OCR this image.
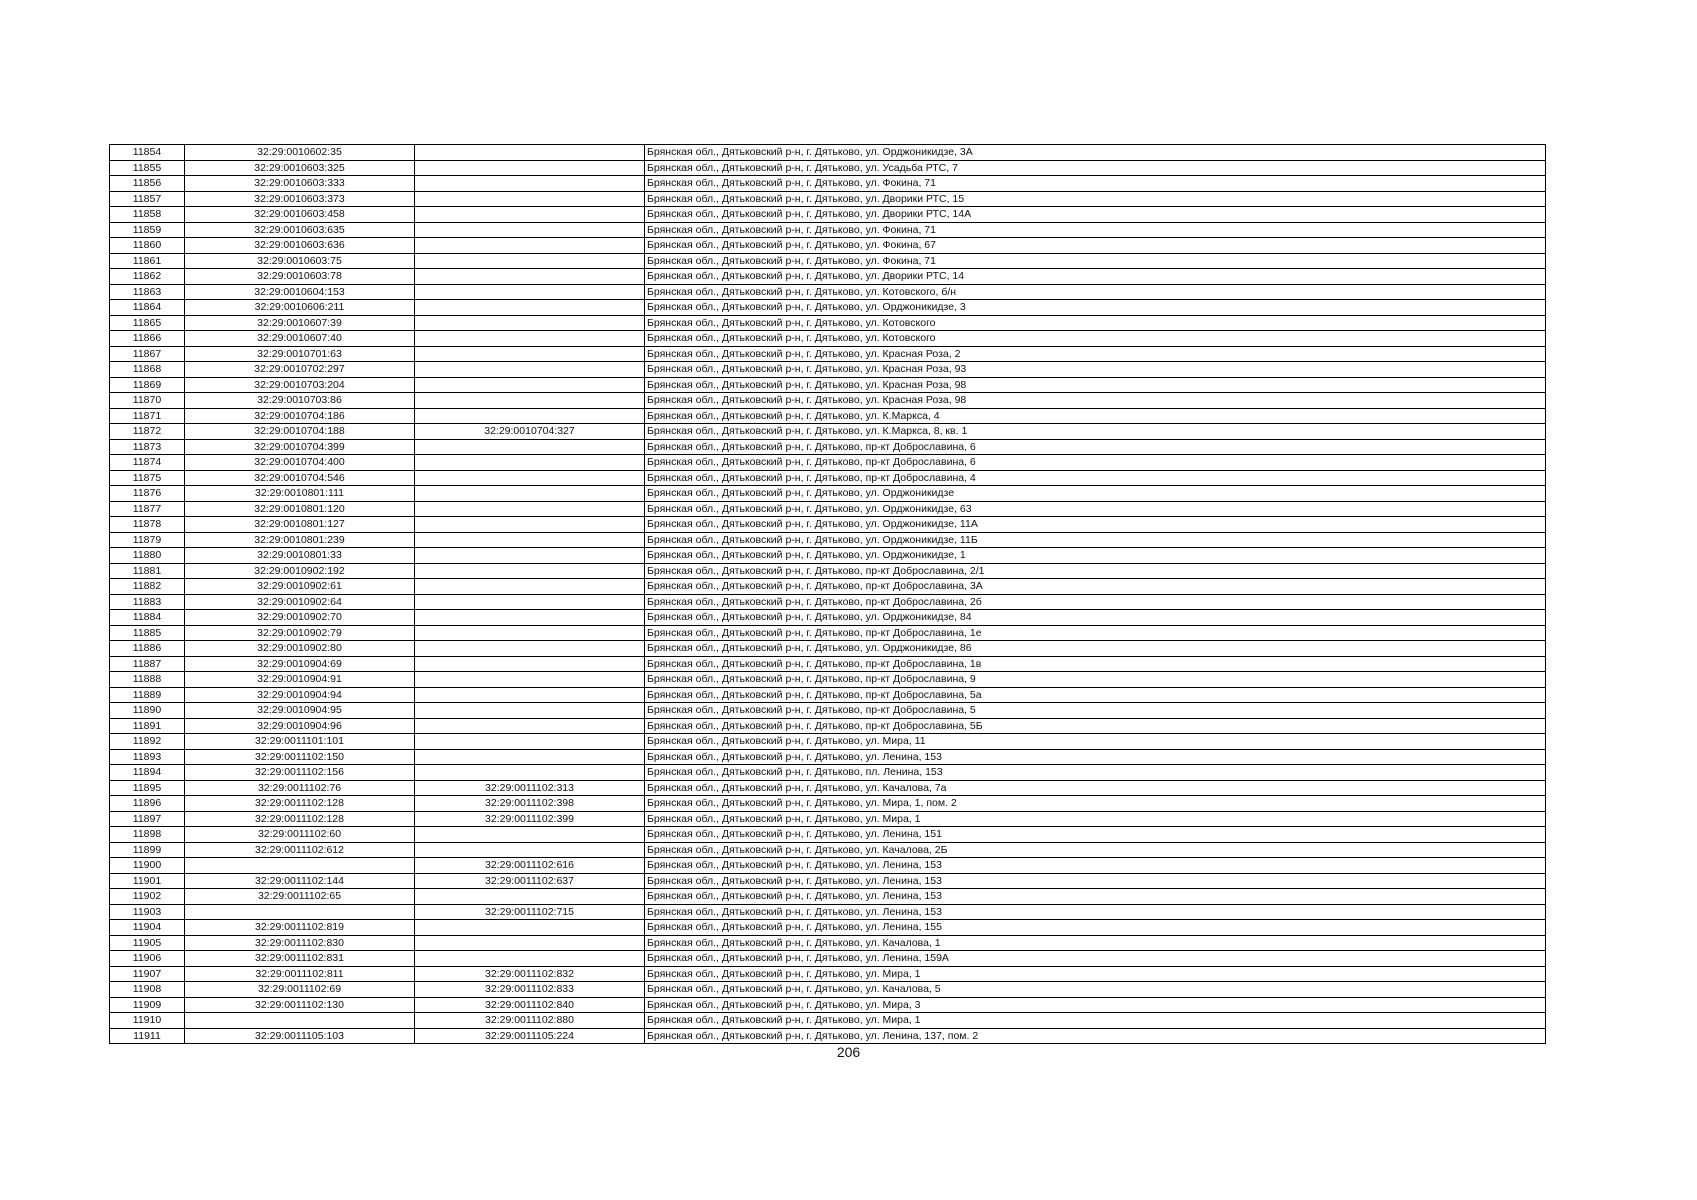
11854	32:29:0010602:35		Брянская обл., Дятьковский р-н, г. Дятьково, ул. Орджоникидзе, 3А
11855	32:29:0010603:325		Брянская обл., Дятьковский р-н, г. Дятьково, ул. Усадьба РТС, 7
11856	32:29:0010603:333		Брянская обл., Дятьковский р-н, г. Дятьково, ул. Фокина, 71
11857	32:29:0010603:373		Брянская обл., Дятьковский р-н, г. Дятьково, ул. Дворики РТС, 15
11858	32:29:0010603:458		Брянская обл., Дятьковский р-н, г. Дятьково, ул. Дворики РТС, 14А
11859	32:29:0010603:635		Брянская обл., Дятьковский р-н, г. Дятьково, ул. Фокина, 71
11860	32:29:0010603:636		Брянская обл., Дятьковский р-н, г. Дятьково, ул. Фокина, 67
11861	32:29:0010603:75		Брянская обл., Дятьковский р-н, г. Дятьково, ул. Фокина, 71
11862	32:29:0010603:78		Брянская обл., Дятьковский р-н, г. Дятьково, ул. Дворики РТС, 14
11863	32:29:0010604:153		Брянская обл., Дятьковский р-н, г. Дятьково, ул. Котовского, б/н
11864	32:29:0010606:211		Брянская обл., Дятьковский р-н, г. Дятьково, ул. Орджоникидзе, 3
11865	32:29:0010607:39		Брянская обл., Дятьковский р-н, г. Дятьково, ул. Котовского
11866	32:29:0010607:40		Брянская обл., Дятьковский р-н, г. Дятьково, ул. Котовского
11867	32:29:0010701:63		Брянская обл., Дятьковский р-н, г. Дятьково, ул. Красная Роза, 2
11868	32:29:0010702:297		Брянская обл., Дятьковский р-н, г. Дятьково, ул. Красная Роза, 93
11869	32:29:0010703:204		Брянская обл., Дятьковский р-н, г. Дятьково, ул. Красная Роза, 98
11870	32:29:0010703:86		Брянская обл., Дятьковский р-н, г. Дятьково, ул. Красная Роза, 98
11871	32:29:0010704:186		Брянская обл., Дятьковский р-н, г. Дятьково, ул. К.Маркса, 4
11872	32:29:0010704:188	32:29:0010704:327	Брянская обл., Дятьковский р-н, г. Дятьково, ул. К.Маркса, 8, кв. 1
11873	32:29:0010704:399		Брянская обл., Дятьковский р-н, г. Дятьково, пр-кт Доброславина, 6
11874	32:29:0010704:400		Брянская обл., Дятьковский р-н, г. Дятьково, пр-кт Доброславина, 6
11875	32:29:0010704:546		Брянская обл., Дятьковский р-н, г. Дятьково, пр-кт Доброславина, 4
11876	32:29:0010801:111		Брянская обл., Дятьковский р-н, г. Дятьково, ул. Орджоникидзе
11877	32:29:0010801:120		Брянская обл., Дятьковский р-н, г. Дятьково, ул. Орджоникидзе, 63
11878	32:29:0010801:127		Брянская обл., Дятьковский р-н, г. Дятьково, ул. Орджоникидзе, 11А
11879	32:29:0010801:239		Брянская обл., Дятьковский р-н, г. Дятьково, ул. Орджоникидзе, 11Б
11880	32:29:0010801:33		Брянская обл., Дятьковский р-н, г. Дятьково, ул. Орджоникидзе, 1
11881	32:29:0010902:192		Брянская обл., Дятьковский р-н, г. Дятьково, пр-кт Доброславина, 2/1
11882	32:29:0010902:61		Брянская обл., Дятьковский р-н, г. Дятьково, пр-кт Доброславина, 3А
11883	32:29:0010902:64		Брянская обл., Дятьковский р-н, г. Дятьково, пр-кт Доброславина, 2б
11884	32:29:0010902:70		Брянская обл., Дятьковский р-н, г. Дятьково, ул. Орджоникидзе, 84
11885	32:29:0010902:79		Брянская обл., Дятьковский р-н, г. Дятьково, пр-кт Доброславина, 1е
11886	32:29:0010902:80		Брянская обл., Дятьковский р-н, г. Дятьково, ул. Орджоникидзе, 86
11887	32:29:0010904:69		Брянская обл., Дятьковский р-н, г. Дятьково, пр-кт Доброславина, 1в
11888	32:29:0010904:91		Брянская обл., Дятьковский р-н, г. Дятьково, пр-кт Доброславина, 9
11889	32:29:0010904:94		Брянская обл., Дятьковский р-н, г. Дятьково, пр-кт Доброславина, 5а
11890	32:29:0010904:95		Брянская обл., Дятьковский р-н, г. Дятьково, пр-кт Доброславина, 5
11891	32:29:0010904:96		Брянская обл., Дятьковский р-н, г. Дятьково, пр-кт Доброславина, 5Б
11892	32:29:0011101:101		Брянская обл., Дятьковский р-н, г. Дятьково, ул. Мира, 11
11893	32:29:0011102:150		Брянская обл., Дятьковский р-н, г. Дятьково, ул. Ленина, 153
11894	32:29:0011102:156		Брянская обл., Дятьковский р-н, г. Дятьково, пл. Ленина, 153
11895	32:29:0011102:76	32:29:0011102:313	Брянская обл., Дятьковский р-н, г. Дятьково, ул. Качалова, 7а
11896	32:29:0011102:128	32:29:0011102:398	Брянская обл., Дятьковский р-н, г. Дятьково, ул. Мира, 1, пом. 2
11897	32:29:0011102:128	32:29:0011102:399	Брянская обл., Дятьковский р-н, г. Дятьково, ул. Мира, 1
11898	32:29:0011102:60		Брянская обл., Дятьковский р-н, г. Дятьково, ул. Ленина, 151
11899	32:29:0011102:612		Брянская обл., Дятьковский р-н, г. Дятьково, ул. Качалова, 2Б
11900		32:29:0011102:616	Брянская обл., Дятьковский р-н, г. Дятьково, ул. Ленина, 153
11901	32:29:0011102:144	32:29:0011102:637	Брянская обл., Дятьковский р-н, г. Дятьково, ул. Ленина, 153
11902	32:29:0011102:65		Брянская обл., Дятьковский р-н, г. Дятьково, ул. Ленина, 153
11903		32:29:0011102:715	Брянская обл., Дятьковский р-н, г. Дятьково, ул. Ленина, 153
11904	32:29:0011102:819		Брянская обл., Дятьковский р-н, г. Дятьково, ул. Ленина, 155
11905	32:29:0011102:830		Брянская обл., Дятьковский р-н, г. Дятьково, ул. Качалова, 1
11906	32:29:0011102:831		Брянская обл., Дятьковский р-н, г. Дятьково, ул. Ленина, 159А
11907	32:29:0011102:811	32:29:0011102:832	Брянская обл., Дятьковский р-н, г. Дятьково, ул. Мира, 1
11908	32:29:0011102:69	32:29:0011102:833	Брянская обл., Дятьковский р-н, г. Дятьково, ул. Качалова, 5
11909	32:29:0011102:130	32:29:0011102:840	Брянская обл., Дятьковский р-н, г. Дятьково, ул. Мира, 3
11910		32:29:0011102:880	Брянская обл., Дятьковский р-н, г. Дятьково, ул. Мира, 1
11911	32:29:0011105:103	32:29:0011105:224	Брянская обл., Дятьковский р-н, г. Дятьково, ул. Ленина, 137, пом. 2
206
